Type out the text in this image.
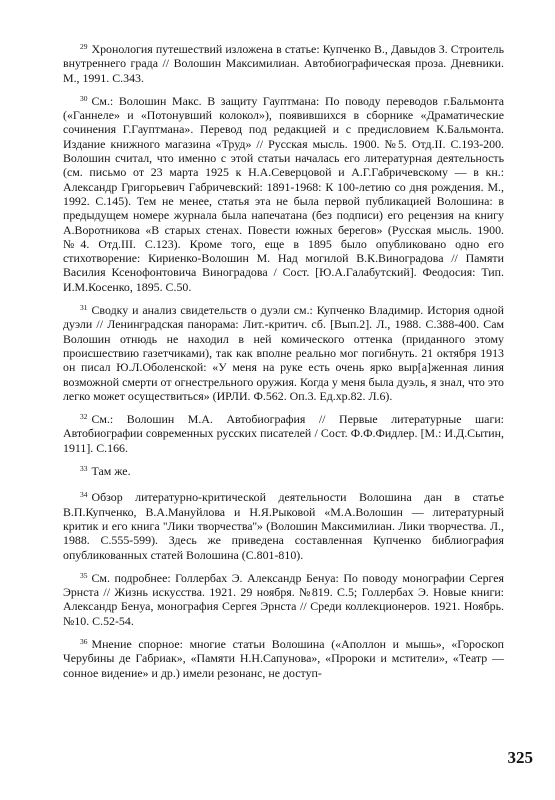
$^{29}$ Хронология путешествий изложена в статье: Купченко В., Давыдов З. Строитель внутреннего града // Волошин Максимилиан. Автобиографическая проза. Дневники. М., 1991. С.343.

$^{30}$ См.: Волошин Макс. В защиту Гауптмана: По поводу переводов г.Бальмонта («Ганнеле» и «Потонувший колокол»), появившихся в сборнике «Драматические сочинения Г.Гауптмана». Перевод под редакцией и с предисловием К.Бальмонта. Издание книжного магазина «Труд» // Русская мысль. 1900. №5. Отд.II. С.193-200. Волошин считал, что именно с этой статьи началась его литературная деятельность (см. письмо от 23 марта 1925 к Н.А.Северцовой и А.Г.Габричевскому — в кн.: Александр Григорьевич Габричевский: 1891-1968: К 100-летию со дня рождения. М., 1992. С.145). Тем не менее, статья эта не была первой публикацией Волошина: в предыдущем номере журнала была напечатана (без подписи) его рецензия на книгу А.Воротникова «В старых стенах. Повести южных берегов» (Русская мысль. 1900. №4. Отд.III. С.123). Кроме того, еще в 1895 было опубликовано одно его стихотворение: Кириенко-Волошин М. Над могилой В.К.Виноградова // Памяти Василия Ксенофонтовича Виноградова / Сост. [Ю.А.Галабутский]. Феодосия: Тип. И.М.Косенко, 1895. С.50.

$^{31}$ Сводку и анализ свидетельств о дуэли см.: Купченко Владимир. История одной дуэли // Ленинградская панорама: Лит.-критич. сб. [Вып.2]. Л., 1988. С.388-400. Сам Волошин отнюдь не находил в ней комического оттенка (приданного этому происшествию газетчиками), так как вполне реально мог погибнуть. 21 октября 1913 он писал Ю.Л.Оболенской: «У меня на руке есть очень ярко выр[а]женная линия возможной смерти от огнестрельного оружия. Когда у меня была дуэль, я знал, что это легко может осуществиться» (ИРЛИ. Ф.562. Оп.3. Ед.хр.82. Л.6).

$^{32}$ См.: Волошин М.А. Автобиография // Первые литературные шаги: Автобиографии современных русских писателей / Сост. Ф.Ф.Фидлер. [М.: И.Д.Сытин, 1911]. С.166.

$^{33}$ Там же.

$^{34}$ Обзор литературно-критической деятельности Волошина дан в статье В.П.Купченко, В.А.Мануйлова и Н.Я.Рыковой «М.А.Волошин — литературный критик и его книга ''Лики творчества''» (Волошин Максимилиан. Лики творчества. Л., 1988. С.555-599). Здесь же приведена составленная Купченко библиография опубликованных статей Волошина (С.801-810).

$^{35}$ См. подробнее: Голлербах Э. Александр Бенуа: По поводу монографии Сергея Эрнста // Жизнь искусства. 1921. 29 ноября. №819. С.5; Голлербах Э. Новые книги: Александр Бенуа, монография Сергея Эрнста // Среди коллекционеров. 1921. Ноябрь. №10. С.52-54.

$^{36}$ Мнение спорное: многие статьи Волошина («Аполлон и мышь», «Гороскоп Черубины де Габриак», «Памяти Н.Н.Сапунова», «Пророки и мстители», «Театр — сонное видение» и др.) имели резонанс, не доступ-

325
